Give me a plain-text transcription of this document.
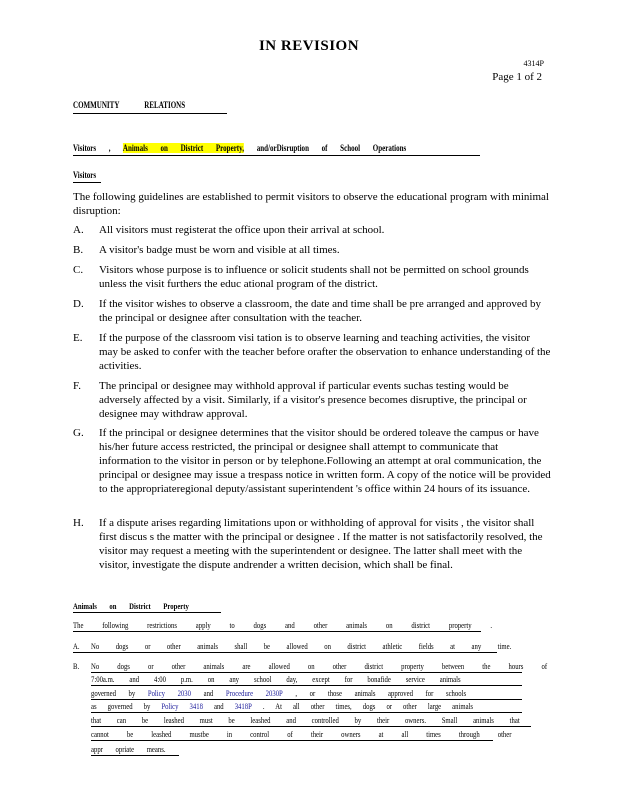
IN REVISION
4314P
Page 1 of 2
COMMUNITY RELATIONS
Visitors , Animals on District Property, and/orDisruption of School Operations
Visitors
The following guidelines are established to permit visitors to observe the educational program with minimal disruption:
A. All visitors must registerat the office upon their arrival at school.
B. A visitor's badge must be worn and visible at all times.
C. Visitors whose purpose is to influence or solicit students shall not be permitted on school grounds unless the visit furthers the educ ational program of the district.
D. If the visitor wishes to observe a classroom, the date and time shall be pre arranged and approved by the principal or designee after consultation with the teacher.
E. If the purpose of the classroom visi tation is to observe learning and teaching activities, the visitor may be asked to confer with the teacher before orafter the observation to enhance understanding of the activities.
F. The principal or designee may withhold approval if particular events suchas testing would be adversely affected by a visit. Similarly, if a visitor's presence becomes disruptive, the principal or designee may withdraw approval.
G. If the principal or designee determines that the visitor should be ordered toleave the campus or have his/her future access restricted, the principal or designee shall attempt to communicate that information to the visitor in person or by telephone.Following an attempt at oral communication, the principal or designee may issue a trespass notice in written form. A copy of the notice will be provided to the appropriateregional deputy/assistant superintendent 's office within 24 hours of its issuance.
H. If a dispute arises regarding limitations upon or withholding of approval for visits , the visitor shall first discus s the matter with the principal or designee . If the matter is not satisfactorily resolved, the visitor may request a meeting with the superintendent or designee. The latter shall meet with the visitor, investigate the dispute andrender a written decision, which shall be final.
Animals on District Property
The following restrictions apply to dogs and other animals on district property .
A. No dogs or other animals shall be allowed on district athletic fields at any time.
B. No dogs or other animals are allowed on other district property between the hours of
7:00a.m. and 4:00 p.m. on any school day, except for bonafide service animals
governed by Policy 2030 and Procedure 2030P , or those animals approved for schools
as governed by Policy 3418 and 3418P . At all other times, dogs or other large animals
that can be leashed must be leashed and controlled by their owners. Small animals that
cannot be leashed mustbe in control of their owners at all times through other
appr opriate means.
